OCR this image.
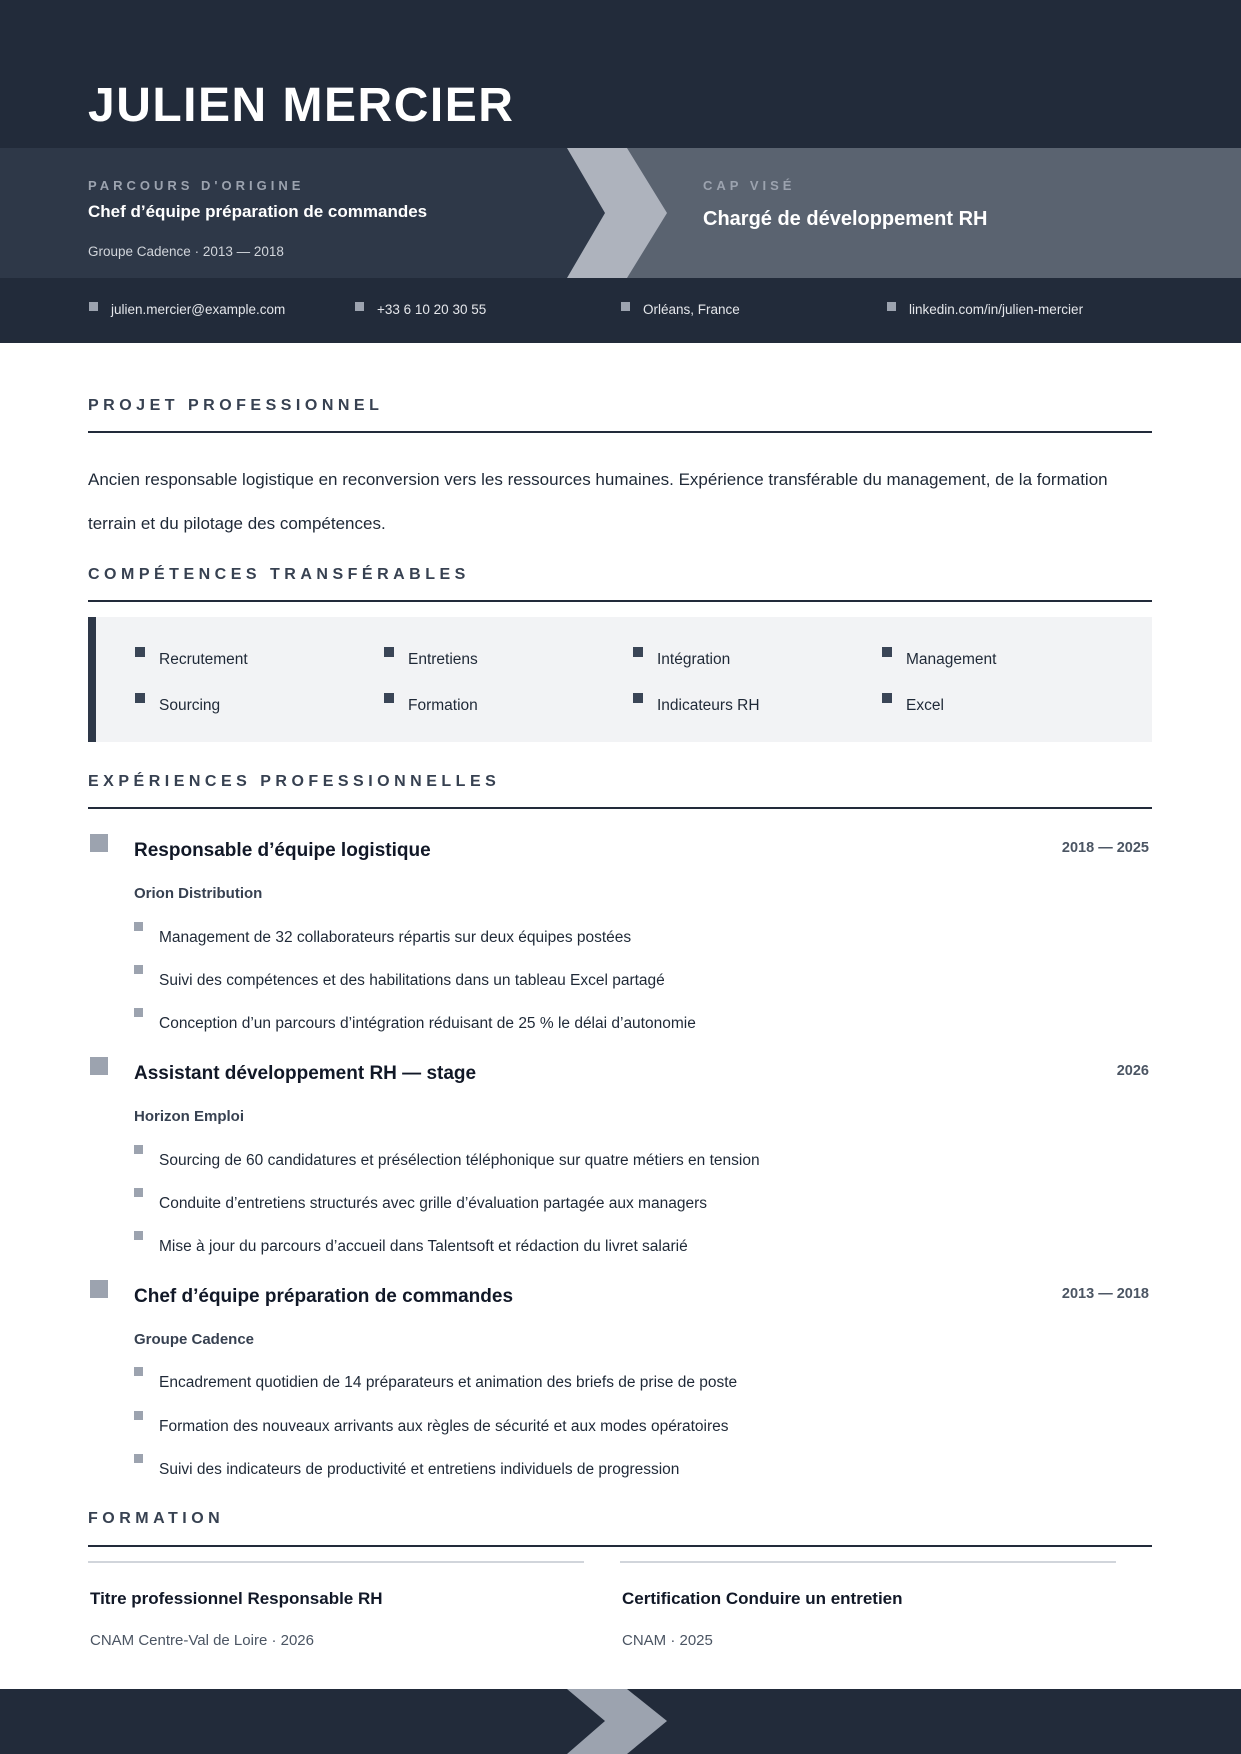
JULIEN MERCIER
PARCOURS D'ORIGINE
Chef d’équipe préparation de commandes
Groupe Cadence · 2013 — 2018
CAP VISÉ
Chargé de développement RH
julien.mercier@example.com	+33 6 10 20 30 55	Orléans, France	linkedin.com/in/julien-mercier
PROJET PROFESSIONNEL

Ancien responsable logistique en reconversion vers les ressources humaines. Expérience transférable du management, de la formation terrain et du pilotage des compétences.

COMPÉTENCES TRANSFÉRABLES
Recrutement	Entretiens	Intégration	Management
Sourcing	Formation	Indicateurs RH	Excel
EXPÉRIENCES PROFESSIONNELLES
Responsable d’équipe logistique	2018 — 2025
Orion Distribution
Management de 32 collaborateurs répartis sur deux équipes postées
Suivi des compétences et des habilitations dans un tableau Excel partagé
Conception d’un parcours d’intégration réduisant de 25 % le délai d’autonomie
Assistant développement RH — stage	2026
Horizon Emploi
Sourcing de 60 candidatures et présélection téléphonique sur quatre métiers en tension
Conduite d’entretiens structurés avec grille d’évaluation partagée aux managers
Mise à jour du parcours d’accueil dans Talentsoft et rédaction du livret salarié
Chef d’équipe préparation de commandes	2013 — 2018
Groupe Cadence
Encadrement quotidien de 14 préparateurs et animation des briefs de prise de poste
Formation des nouveaux arrivants aux règles de sécurité et aux modes opératoires
Suivi des indicateurs de productivité et entretiens individuels de progression
FORMATION
Titre professionnel Responsable RH
CNAM Centre-Val de Loire · 2026
Certification Conduire un entretien
CNAM · 2025
